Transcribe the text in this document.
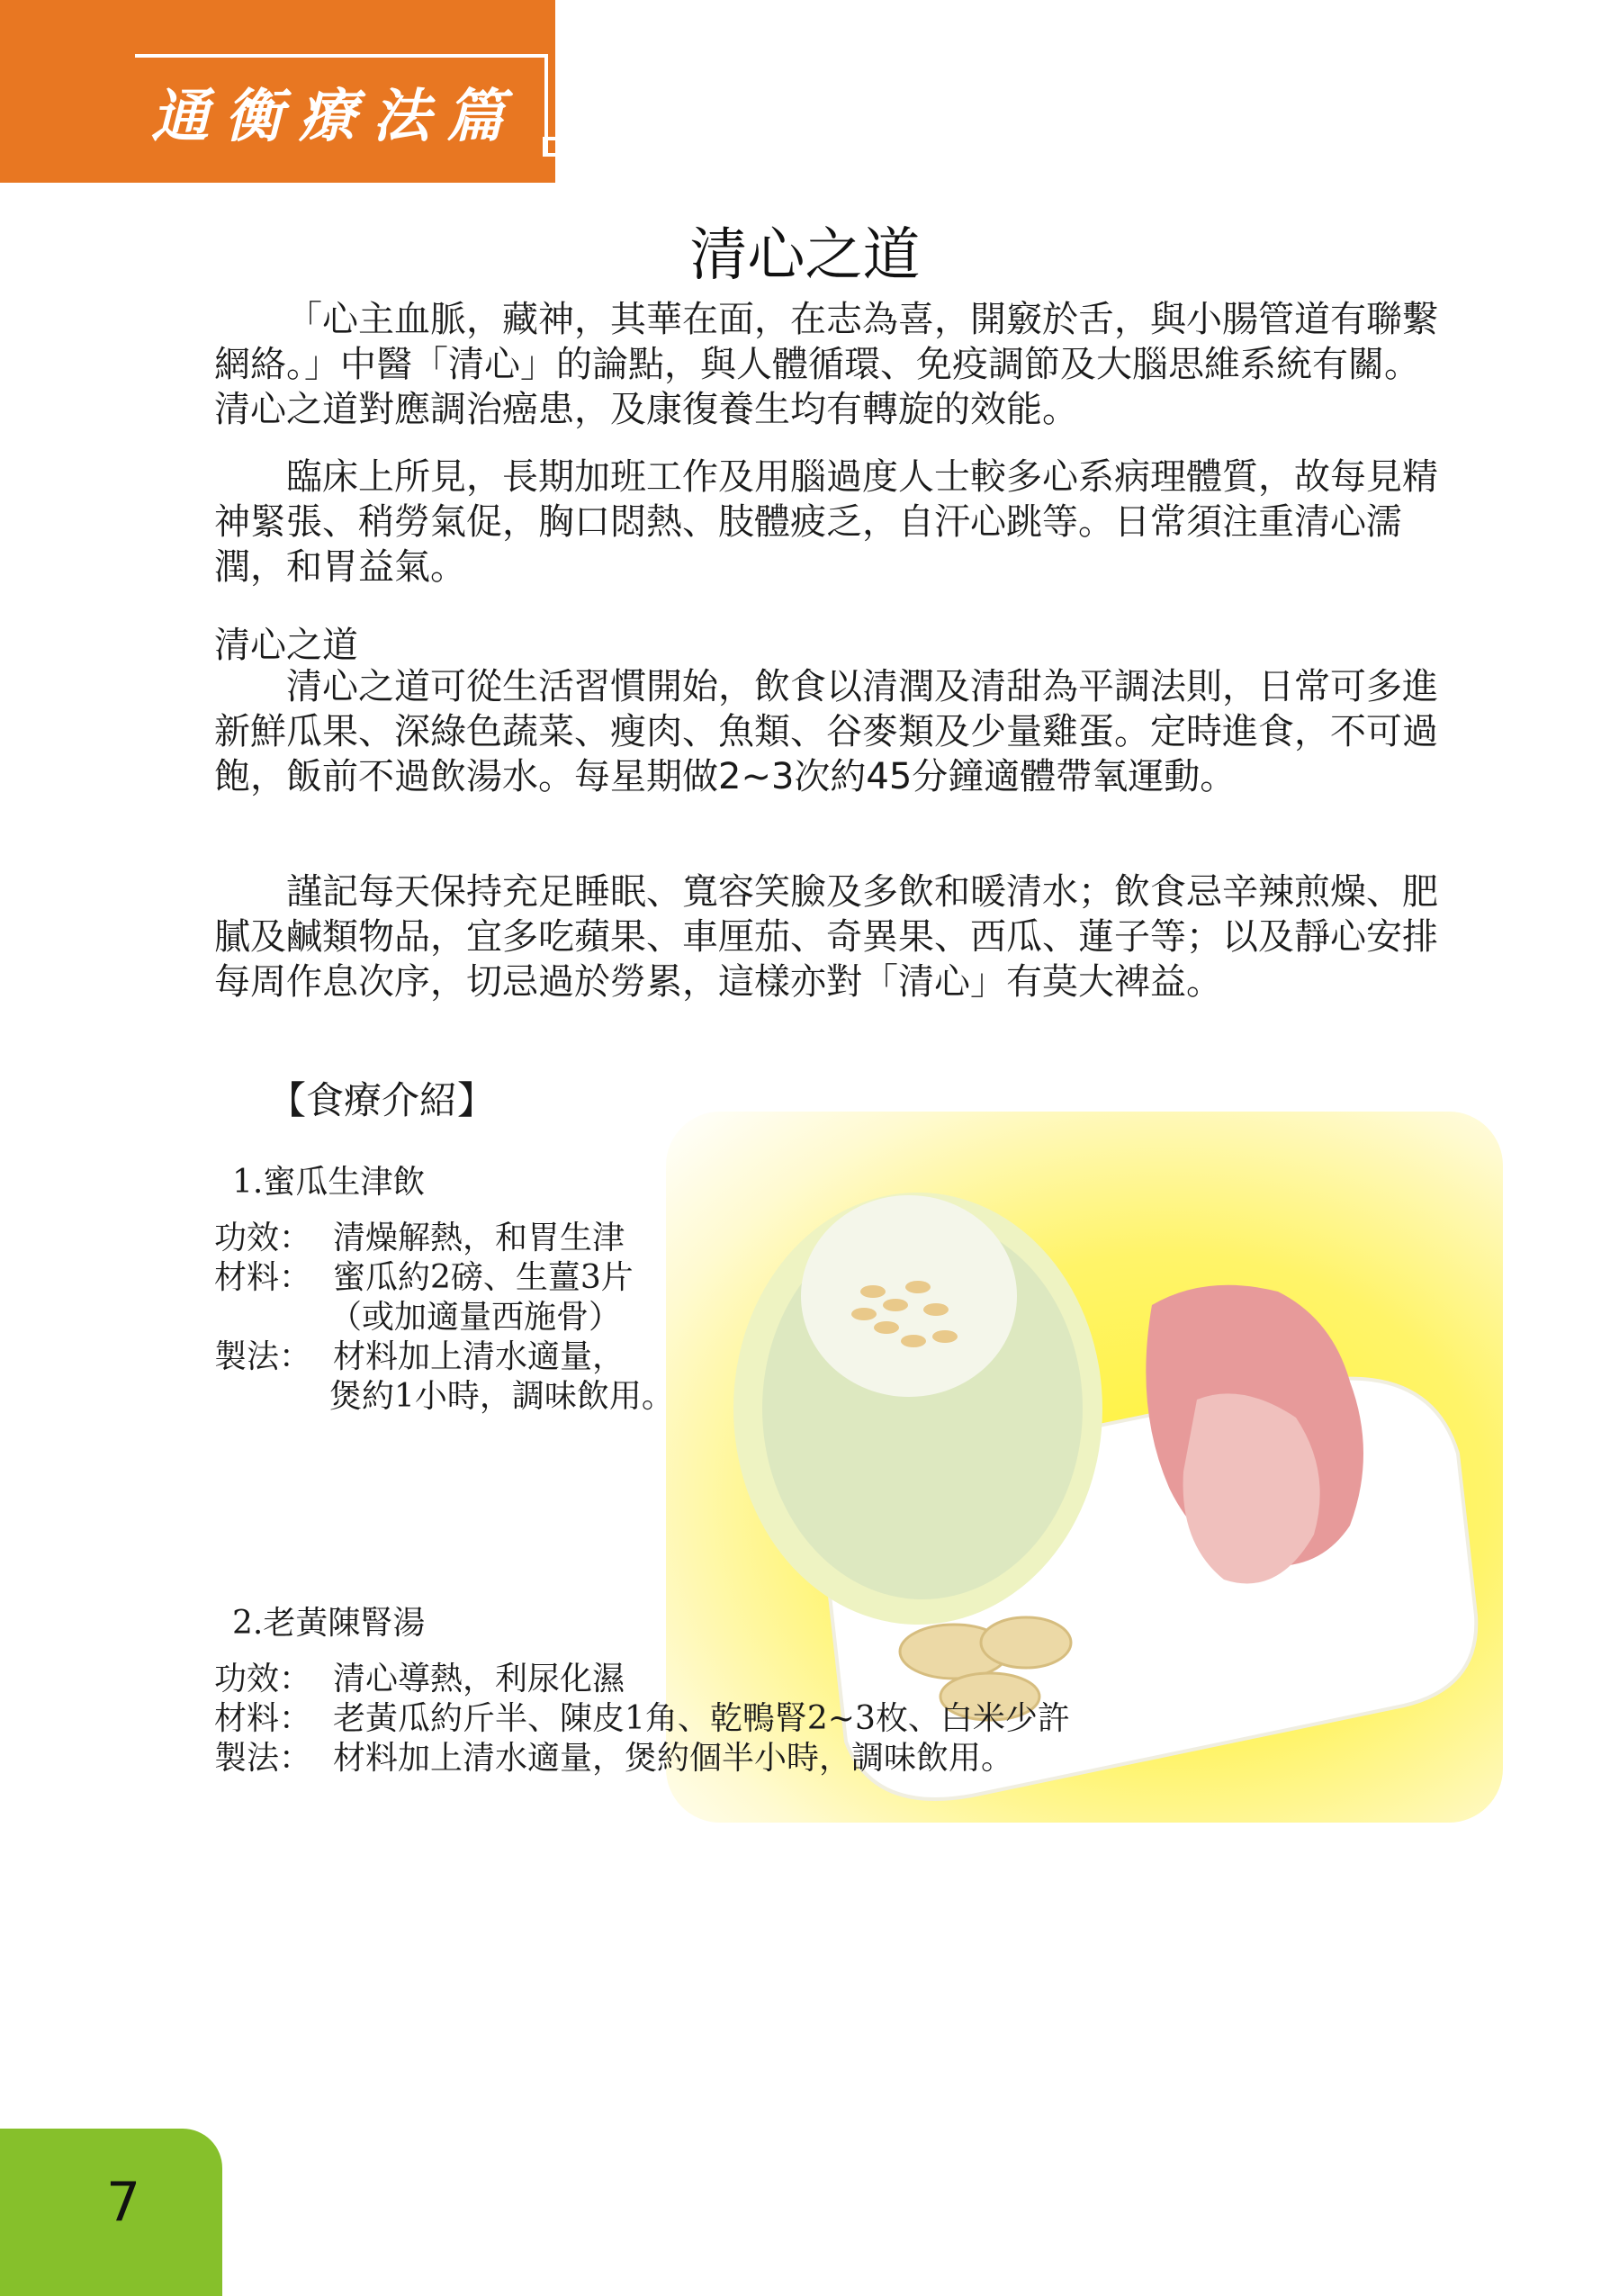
通衡療法篇
清心之道

「心主血脈，藏神，其華在面，在志為喜，開竅於舌，與小腸管道有聯繫網絡。」中醫「清心」的論點，與人體循環、免疫調節及大腦思維系統有關。清心之道對應調治癌患，及康復養生均有轉旋的效能。

臨床上所見，長期加班工作及用腦過度人士較多心系病理體質，故每見精神緊張、稍勞氣促，胸口悶熱、肢體疲乏，自汗心跳等。日常須注重清心濡潤，和胃益氣。

清心之道

清心之道可從生活習慣開始，飲食以清潤及清甜為平調法則，日常可多進新鮮瓜果、深綠色蔬菜、瘦肉、魚類、谷麥類及少量雞蛋。定時進食，不可過飽，飯前不過飲湯水。每星期做2~3次約45分鐘適體帶氧運動。

謹記每天保持充足睡眠、寬容笑臉及多飲和暖清水；飲食忌辛辣煎燥、肥膩及鹹類物品，宜多吃蘋果、車厘茄、奇異果、西瓜、蓮子等；以及靜心安排每周作息次序，切忌過於勞累，這樣亦對「清心」有莫大裨益。

【食療介紹】
1.蜜瓜生津飲
功效： 清燥解熱，和胃生津
材料： 蜜瓜約2磅、生薑3片
（或加適量西施骨）
製法： 材料加上清水適量，
煲約1小時，調味飲用。
2.老黃陳腎湯
功效： 清心導熱，利尿化濕
材料： 老黃瓜約斤半、陳皮1角、乾鴨腎2~3枚、白米少許
製法： 材料加上清水適量，煲約個半小時，調味飲用。
7
